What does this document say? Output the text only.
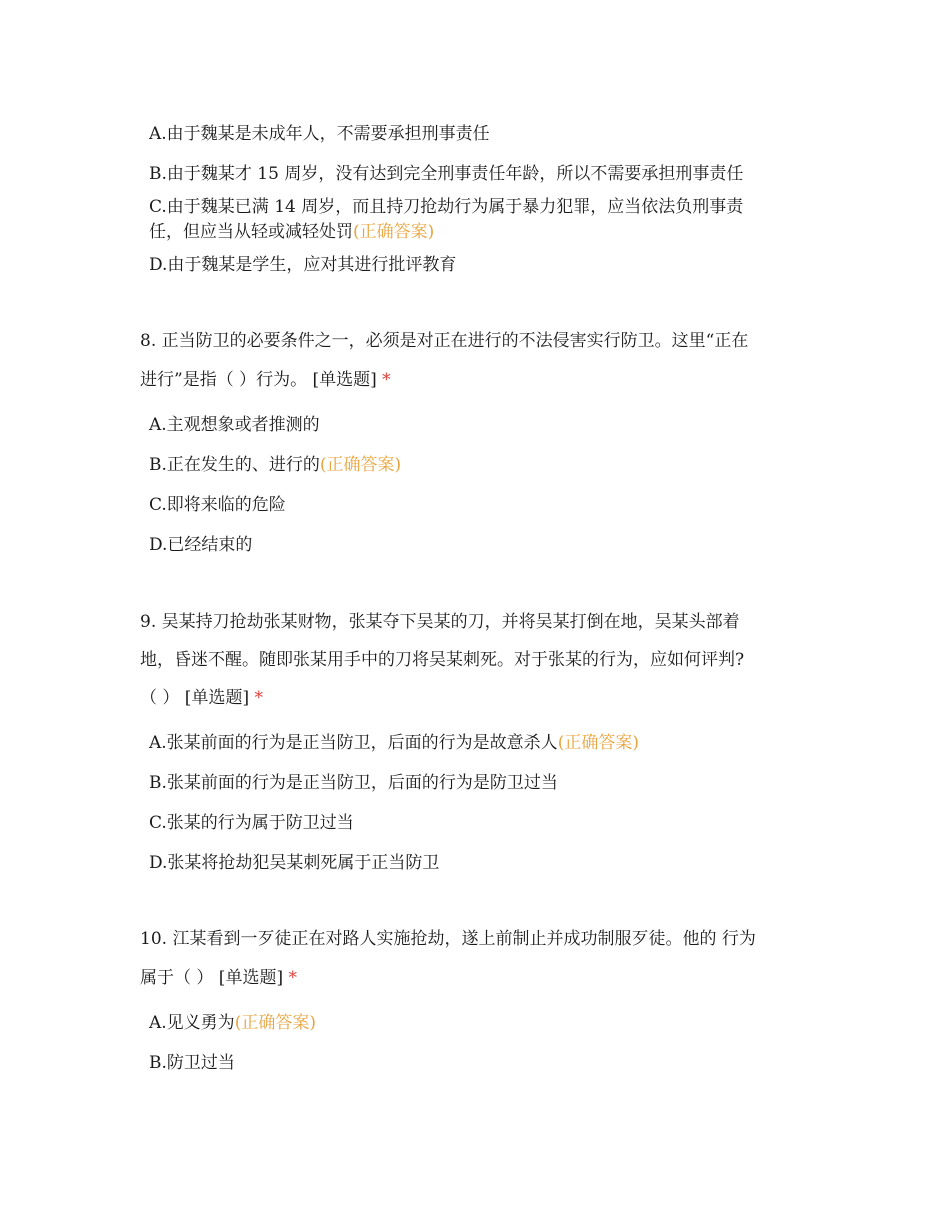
A.由于魏某是未成年人，不需要承担刑事责任
B.由于魏某才 15 周岁，没有达到完全刑事责任年龄，所以不需要承担刑事责任
C.由于魏某已满 14 周岁，而且持刀抢劫行为属于暴力犯罪，应当依法负刑事责
任，但应当从轻或减轻处罚(正确答案)
D.由于魏某是学生，应对其进行批评教育
8. 正当防卫的必要条件之一，必须是对正在进行的不法侵害实行防卫。这里“正在
进行”是指（ ）行为。 [单选题] *
A.主观想象或者推测的
B.正在发生的、进行的(正确答案)
C.即将来临的危险
D.已经结束的
9. 吴某持刀抢劫张某财物，张某夺下吴某的刀，并将吴某打倒在地，吴某头部着
地，昏迷不醒。随即张某用手中的刀将吴某刺死。对于张某的行为，应如何评判?
（ ） [单选题] *
A.张某前面的行为是正当防卫，后面的行为是故意杀人(正确答案)
B.张某前面的行为是正当防卫，后面的行为是防卫过当
C.张某的行为属于防卫过当
D.张某将抢劫犯吴某刺死属于正当防卫
10. 江某看到一歹徒正在对路人实施抢劫，遂上前制止并成功制服歹徒。他的 行为
属于（ ） [单选题] *
A.见义勇为(正确答案)
B.防卫过当
